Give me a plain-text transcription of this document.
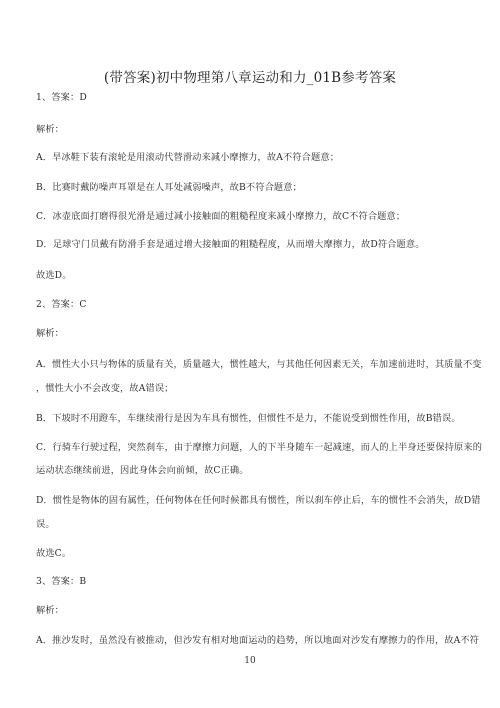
(带答案)初中物理第八章运动和力_01B参考答案
1、答案：D
解析：
A．旱冰鞋下装有滚轮是用滚动代替滑动来减小摩擦力，故A不符合题意；
B．比赛时戴防噪声耳罩是在人耳处减弱噪声，故B不符合题意；
C．冰壶底面打磨得很光滑是通过减小接触面的粗糙程度来减小摩擦力，故C不符合题意；
D．足球守门员戴有防滑手套是通过增大接触面的粗糙程度，从而增大摩擦力，故D符合题意。
故选D。
2、答案：C
解析：
A．惯性大小只与物体的质量有关，质量越大，惯性越大，与其他任何因素无关，车加速前进时，其质量不变
，惯性大小不会改变，故A错误；
B．下坡时不用蹬车，车继续滑行是因为车具有惯性，但惯性不是力，不能说受到惯性作用，故B错误。
C．行骑车行驶过程，突然刹车，由于摩擦力问题，人的下半身随车一起减速，而人的上半身还要保持原来的
运动状态继续前进，因此身体会向前倾，故C正确。
D．惯性是物体的固有属性，任何物体在任何时候都具有惯性，所以刹车停止后，车的惯性不会消失，故D错
误。
故选C。
3、答案：B
解析：
A．推沙发时，虽然没有被推动，但沙发有相对地面运动的趋势，所以地面对沙发有摩擦力的作用，故A不符
10
